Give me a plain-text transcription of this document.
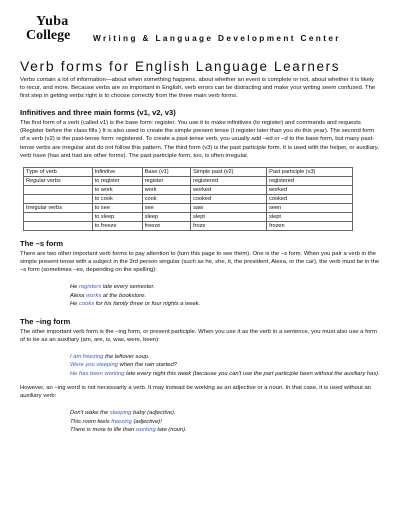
Yuba
College	Writing & Language Development Center
Verb forms for English Language Learners

Verbs contain a lot of information—about when something happens, about whether an event is complete or not, about whether it is likely to recur, and more. Because verbs are so important in English, verb errors can be distracting and make your writing seem confused. The first step in getting verbs right is to choose correctly from the three main verb forms.

Infinitives and three main forms (v1, v2, v3)

The first form of a verb (called v1) is the base form: register. You use it to make infinitives (to register) and commands and requests (Register before the class fills.) It is also used to create the simple present tense (I register later than you do this year). The second form of a verb (v2) is the past-tense form: registered. To create a past-tense verb, you usually add –ed or –d to the base form, but many past-tense verbs are irregular and do not follow this pattern. The third form (v3) is the past participle form. It is used with the helper, or auxiliary, verb have (has and had are other forms). The past participle form, too, is often irregular.

Type of verb	Infinitive	Base (v1)	Simple past (v2)	Past participle (v3)
Regular verbs	to register	register	registered	registered
	to work	work	worked	worked
	to cook	cook	cooked	cooked
Irregular verbs	to see	see	saw	seen
	to sleep	sleep	slept	slept
	to freeze	freeze	froze	frozen
The –s form

There are two other important verb forms to pay attention to (turn this page to see them). One is the –s form. When you pair a verb in the simple present tense with a subject in the 3rd person singular (such as he, she, it, the president, Alexa, or the car), the verb must be in the –s form (sometimes –es, depending on the spelling):

He registers late every semester.
Alexa works at the bookstore.
He cooks for his family three or four nights a week.
The –ing form

The other important verb form is the –ing form, or present participle. When you use it as the verb in a sentence, you must also use a form of to be as an auxiliary (am, are, is, was, were, been):

I am freezing the leftover soup.
Were you sleeping when the rain started?
He has been working late every night this week (because you can't use the part participle been without the auxiliary has).

However, an –ing word is not necessarily a verb. It may instead be working as an adjective or a noun. In that case, it is used without an auxiliary verb:

Don't wake the sleeping baby (adjective).
This room feels freezing (adjective)!
There is more to life than working late (noun).
